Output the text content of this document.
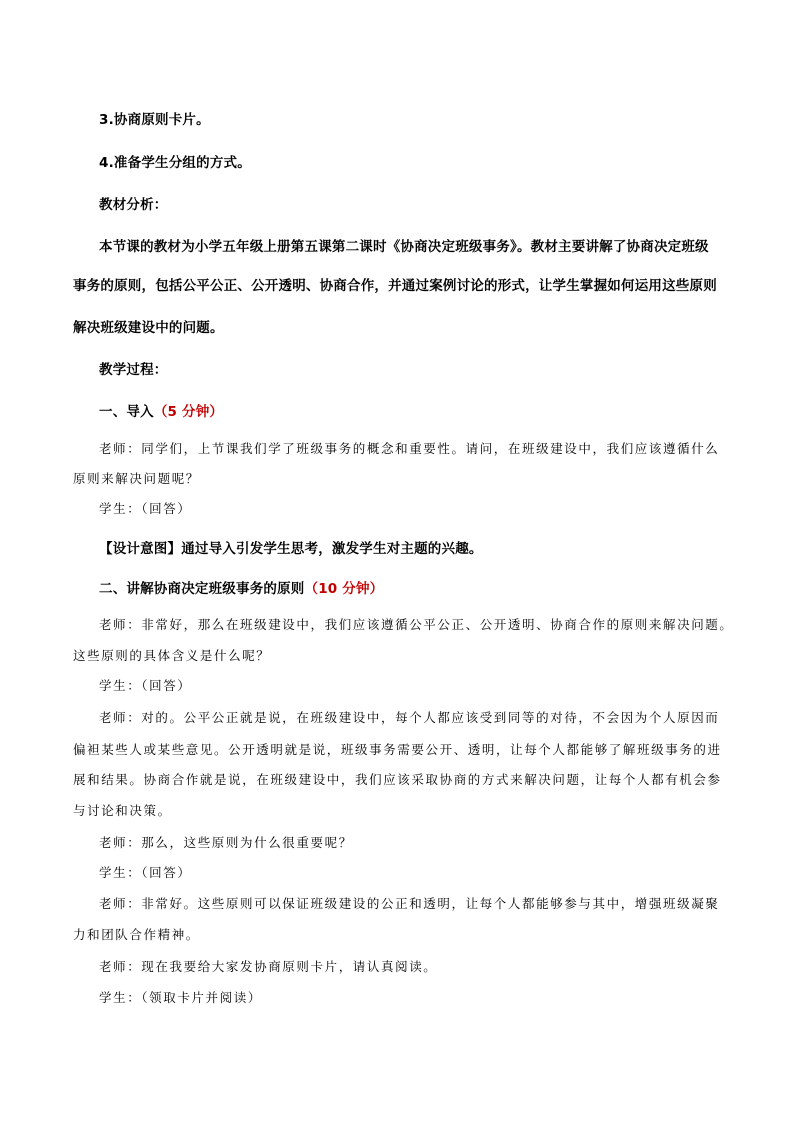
3.协商原则卡片。

4.准备学生分组的方式。

教材分析：

本节课的教材为小学五年级上册第五课第二课时《协商决定班级事务》。教材主要讲解了协商决定班级

事务的原则，包括公平公正、公开透明、协商合作，并通过案例讨论的形式，让学生掌握如何运用这些原则

解决班级建设中的问题。

教学过程：

一、导入（5 分钟）

老师：同学们，上节课我们学了班级事务的概念和重要性。请问，在班级建设中，我们应该遵循什么

原则来解决问题呢？

学生：（回答）

【设计意图】通过导入引发学生思考，激发学生对主题的兴趣。

二、讲解协商决定班级事务的原则（10 分钟）

老师：非常好，那么在班级建设中，我们应该遵循公平公正、公开透明、协商合作的原则来解决问题。

这些原则的具体含义是什么呢？

学生：（回答）

老师：对的。公平公正就是说，在班级建设中，每个人都应该受到同等的对待，不会因为个人原因而

偏袒某些人或某些意见。公开透明就是说，班级事务需要公开、透明，让每个人都能够了解班级事务的进

展和结果。协商合作就是说，在班级建设中，我们应该采取协商的方式来解决问题，让每个人都有机会参

与讨论和决策。

老师：那么，这些原则为什么很重要呢？

学生：（回答）

老师：非常好。这些原则可以保证班级建设的公正和透明，让每个人都能够参与其中，增强班级凝聚

力和团队合作精神。

老师：现在我要给大家发协商原则卡片，请认真阅读。

学生：（领取卡片并阅读）
